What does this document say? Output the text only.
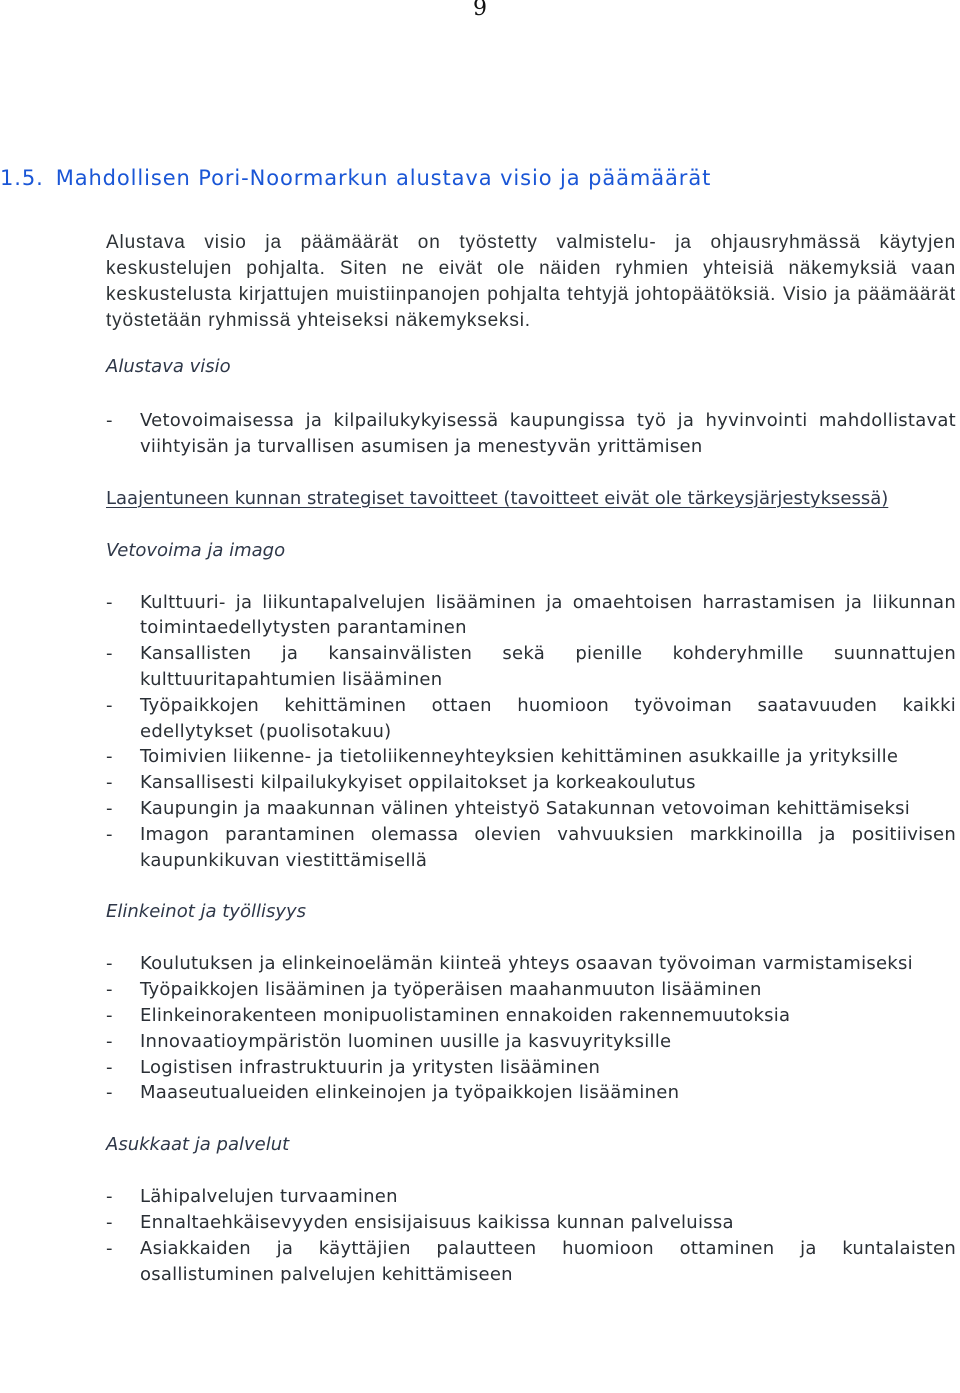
9
1.5. Mahdollisen Pori-Noormarkun alustava visio ja päämäärät

Alustava visio ja päämäärät on työstetty valmistelu- ja ohjausryhmässä käytyjen keskustelujen pohjalta. Siten ne eivät ole näiden ryhmien yhteisiä näkemyksiä vaan keskustelusta kirjattujen muistiinpanojen pohjalta tehtyjä johtopäätöksiä. Visio ja päämäärät työstetään ryhmissä yhteiseksi näkemykseksi.

Alustava visio

- Vetovoimaisessa ja kilpailukykyisessä kaupungissa työ ja hyvinvointi mahdollistavat viihtyisän ja turvallisen asumisen ja menestyvän yrittämisen

Laajentuneen kunnan strategiset tavoitteet (tavoitteet eivät ole tärkeysjärjestyksessä)

Vetovoima ja imago

- Kulttuuri- ja liikuntapalvelujen lisääminen ja omaehtoisen harrastamisen ja liikunnan toimintaedellytysten parantaminen
- Kansallisten ja kansainvälisten sekä pienille kohderyhmille suunnattujen kulttuuritapahtumien lisääminen
- Työpaikkojen kehittäminen ottaen huomioon työvoiman saatavuuden kaikki edellytykset (puolisotakuu)
- Toimivien liikenne- ja tietoliikenneyhteyksien kehittäminen asukkaille ja yrityksille
- Kansallisesti kilpailukykyiset oppilaitokset ja korkeakoulutus
- Kaupungin ja maakunnan välinen yhteistyö Satakunnan vetovoiman kehittämiseksi
- Imagon parantaminen olemassa olevien vahvuuksien markkinoilla ja positiivisen kaupunkikuvan viestittämisellä

Elinkeinot ja työllisyys

- Koulutuksen ja elinkeinoelämän kiinteä yhteys osaavan työvoiman varmistamiseksi
- Työpaikkojen lisääminen ja työperäisen maahanmuuton lisääminen
- Elinkeinorakenteen monipuolistaminen ennakoiden rakennemuutoksia
- Innovaatioympäristön luominen uusille ja kasvuyrityksille
- Logistisen infrastruktuurin ja yritysten lisääminen
- Maaseutualueiden elinkeinojen ja työpaikkojen lisääminen

Asukkaat ja palvelut

- Lähipalvelujen turvaaminen
- Ennaltaehkäisevyyden ensisijaisuus kaikissa kunnan palveluissa
- Asiakkaiden ja käyttäjien palautteen huomioon ottaminen ja kuntalaisten osallistuminen palvelujen kehittämiseen
